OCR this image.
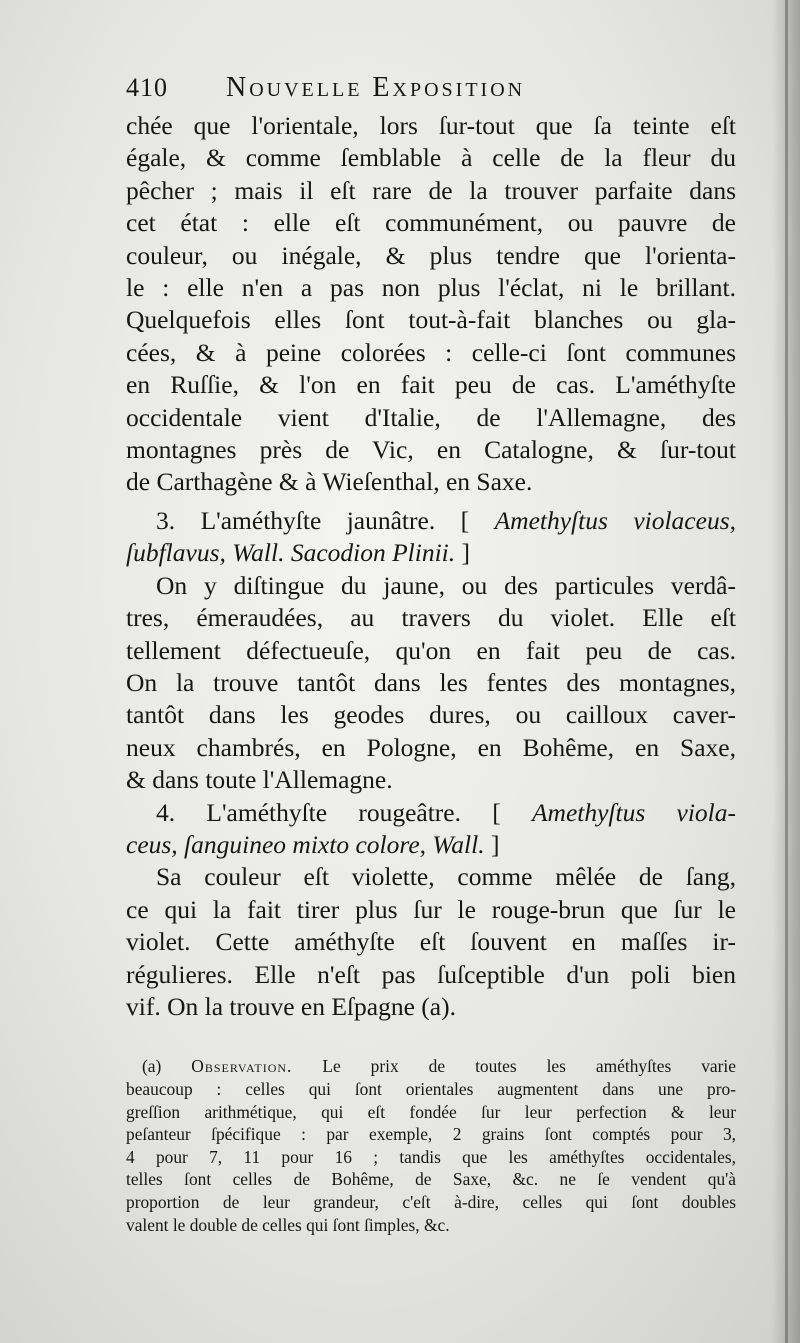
410	Nouvelle Exposition
chée que l'orientale, lors ſur-tout que ſa teinte eſt
égale, & comme ſemblable à celle de la fleur du
pêcher ; mais il eſt rare de la trouver parfaite dans
cet état : elle eſt communément, ou pauvre de
couleur, ou inégale, & plus tendre que l'orienta-
le : elle n'en a pas non plus l'éclat, ni le brillant.
Quelquefois elles ſont tout-à-fait blanches ou gla-
cées, & à peine colorées : celle-ci ſont communes
en Ruſſie, & l'on en fait peu de cas. L'améthyſte
occidentale vient d'Italie, de l'Allemagne, des
montagnes près de Vic, en Catalogne, & ſur-tout
de Carthagène & à Wieſenthal, en Saxe.
3. L'améthyſte jaunâtre. [ Amethyſtus violaceus,
ſubflavus, Wall. Sacodion Plinii. ]
On y diſtingue du jaune, ou des particules verdâ-
tres, émeraudées, au travers du violet. Elle eſt
tellement défectueuſe, qu'on en fait peu de cas.
On la trouve tantôt dans les fentes des montagnes,
tantôt dans les geodes dures, ou cailloux caver-
neux chambrés, en Pologne, en Bohême, en Saxe,
& dans toute l'Allemagne.
4. L'améthyſte rougeâtre. [ Amethyſtus viola-
ceus, ſanguineo mixto colore, Wall. ]
Sa couleur eſt violette, comme mêlée de ſang,
ce qui la fait tirer plus ſur le rouge-brun que ſur le
violet. Cette améthyſte eſt ſouvent en maſſes ir-
régulieres. Elle n'eſt pas ſuſceptible d'un poli bien
vif. On la trouve en Eſpagne (a).
(a) Observation. Le prix de toutes les améthyſtes varie
beaucoup : celles qui ſont orientales augmentent dans une pro-
greſſion arithmétique, qui eſt fondée ſur leur perfection & leur
peſanteur ſpécifique : par exemple, 2 grains ſont comptés pour 3,
4 pour 7, 11 pour 16 ; tandis que les améthyſtes occidentales,
telles ſont celles de Bohême, de Saxe, &c. ne ſe vendent qu'à
proportion de leur grandeur, c'eſt à-dire, celles qui ſont doubles
valent le double de celles qui ſont ſimples, &c.
